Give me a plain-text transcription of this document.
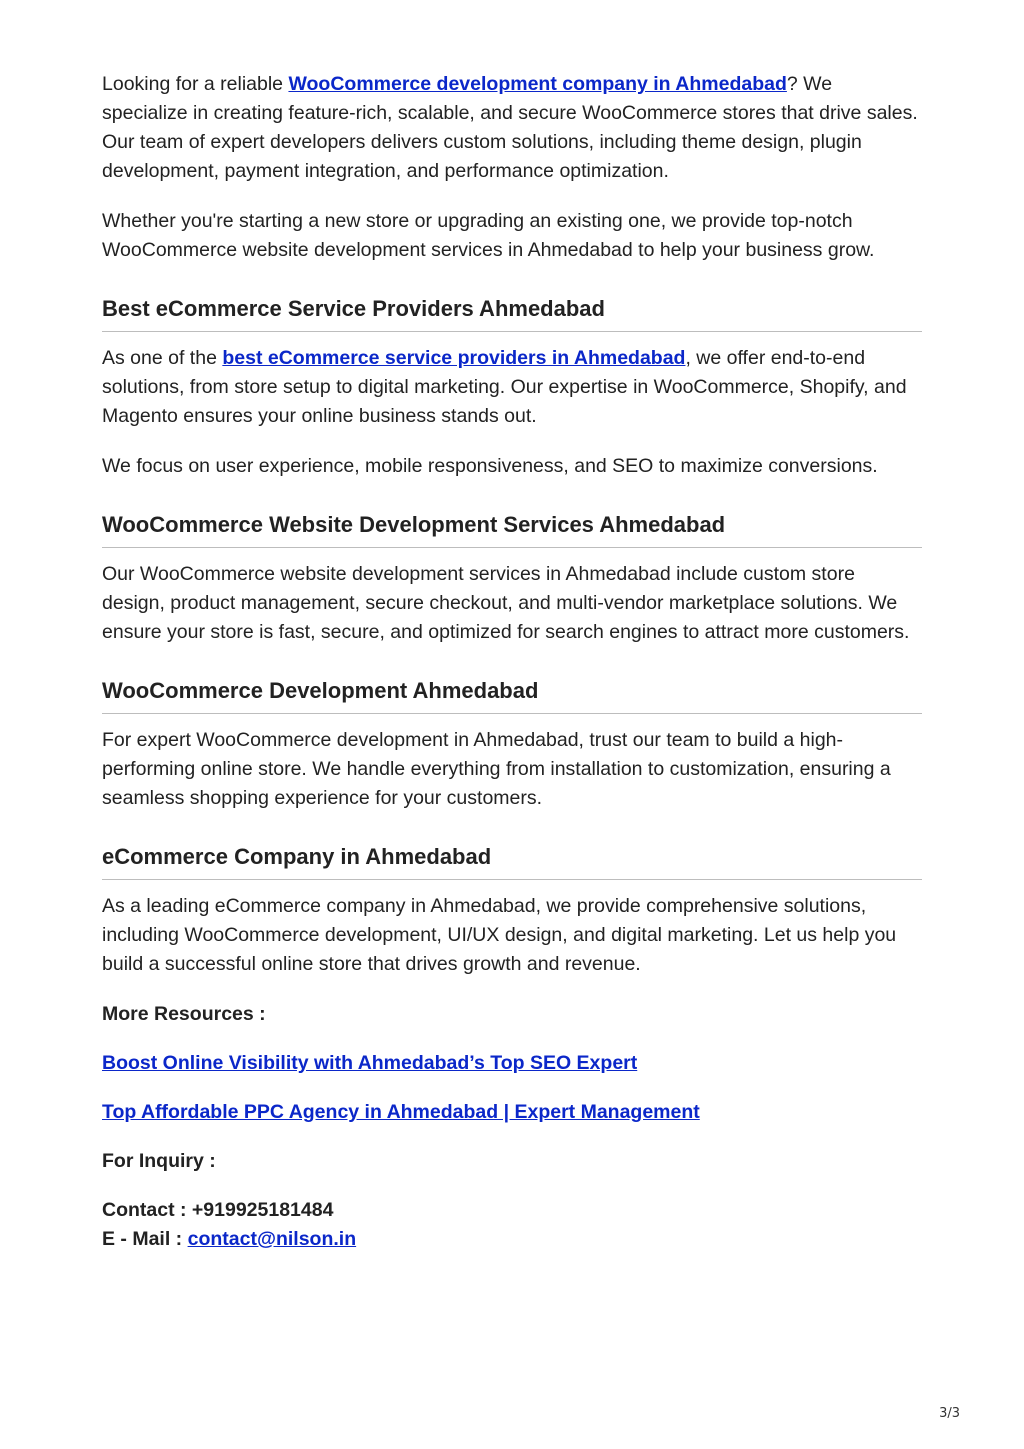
Looking for a reliable WooCommerce development company in Ahmedabad? We specialize in creating feature-rich, scalable, and secure WooCommerce stores that drive sales. Our team of expert developers delivers custom solutions, including theme design, plugin development, payment integration, and performance optimization.

Whether you're starting a new store or upgrading an existing one, we provide top-notch WooCommerce website development services in Ahmedabad to help your business grow.

Best eCommerce Service Providers Ahmedabad

As one of the best eCommerce service providers in Ahmedabad, we offer end-to-end solutions, from store setup to digital marketing. Our expertise in WooCommerce, Shopify, and Magento ensures your online business stands out.

We focus on user experience, mobile responsiveness, and SEO to maximize conversions.

WooCommerce Website Development Services Ahmedabad

Our WooCommerce website development services in Ahmedabad include custom store design, product management, secure checkout, and multi-vendor marketplace solutions. We ensure your store is fast, secure, and optimized for search engines to attract more customers.

WooCommerce Development Ahmedabad

For expert WooCommerce development in Ahmedabad, trust our team to build a high-performing online store. We handle everything from installation to customization, ensuring a seamless shopping experience for your customers.

eCommerce Company in Ahmedabad

As a leading eCommerce company in Ahmedabad, we provide comprehensive solutions, including WooCommerce development, UI/UX design, and digital marketing. Let us help you build a successful online store that drives growth and revenue.

More Resources :

Boost Online Visibility with Ahmedabad’s Top SEO Expert

Top Affordable PPC Agency in Ahmedabad | Expert Management

For Inquiry :

Contact : +919925181484

E - Mail : contact@nilson.in

3/3
